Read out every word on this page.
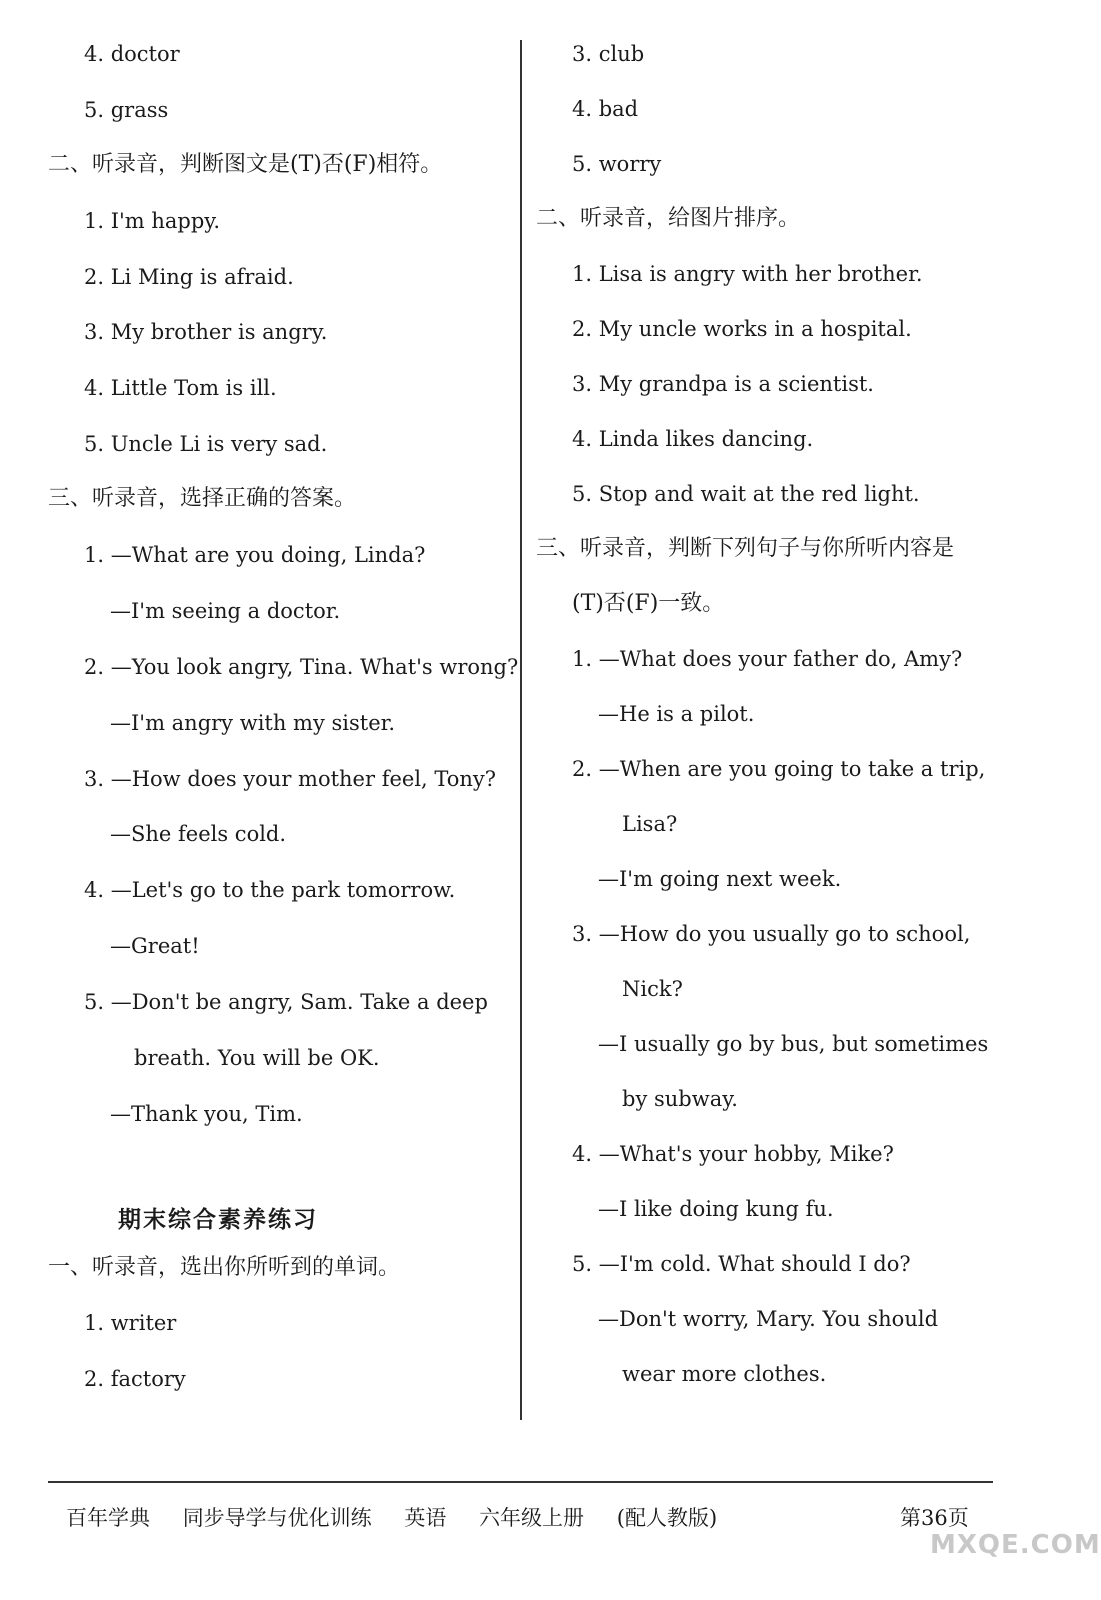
4. doctor
5. grass
二、听录音，判断图文是(T)否(F)相符。
1. I'm happy.
2. Li Ming is afraid.
3. My brother is angry.
4. Little Tom is ill.
5. Uncle Li is very sad.
三、听录音，选择正确的答案。
1. —What are you doing, Linda?
—I'm seeing a doctor.
2. —You look angry, Tina. What's wrong?
—I'm angry with my sister.
3. —How does your mother feel, Tony?
—She feels cold.
4. —Let's go to the park tomorrow.
—Great!
5. —Don't be angry, Sam. Take a deep
breath. You will be OK.
—Thank you, Tim.
一、听录音，选出你所听到的单词。
1. writer
2. factory
期末综合素养练习
3. club
4. bad
5. worry
二、听录音，给图片排序。
1. Lisa is angry with her brother.
2. My uncle works in a hospital.
3. My grandpa is a scientist.
4. Linda likes dancing.
5. Stop and wait at the red light.
三、听录音，判断下列句子与你所听内容是
(T)否(F)一致。
1. —What does your father do, Amy?
—He is a pilot.
2. —When are you going to take a trip,
Lisa?
—I'm going next week.
3. —How do you usually go to school,
Nick?
—I usually go by bus, but sometimes
by subway.
4. —What's your hobby, Mike?
—I like doing kung fu.
5. —I'm cold. What should I do?
—Don't worry, Mary. You should
wear more clothes.
百年学典 同步导学与优化训练 英语 六年级上册 (配人教版)	第36页
MXQE.COM
